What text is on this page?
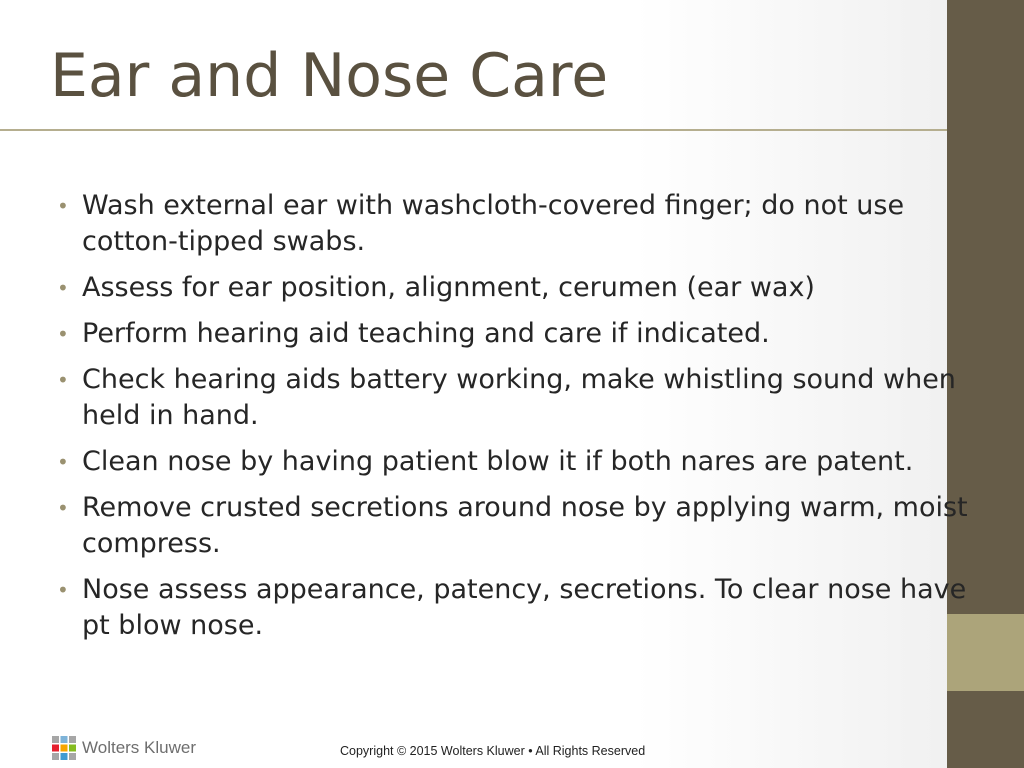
Ear and Nose Care
• Wash external ear with washcloth-covered finger; do not use cotton-tipped swabs.
• Assess for ear position, alignment, cerumen (ear wax)
• Perform hearing aid teaching and care if indicated.
• Check hearing aids battery working, make whistling sound when held in hand.
• Clean nose by having patient blow it if both nares are patent.
• Remove crusted secretions around nose by applying warm, moist compress.
• Nose assess appearance, patency, secretions. To clear nose have pt blow nose.
Wolters Kluwer	Copyright © 2015 Wolters Kluwer • All Rights Reserved
